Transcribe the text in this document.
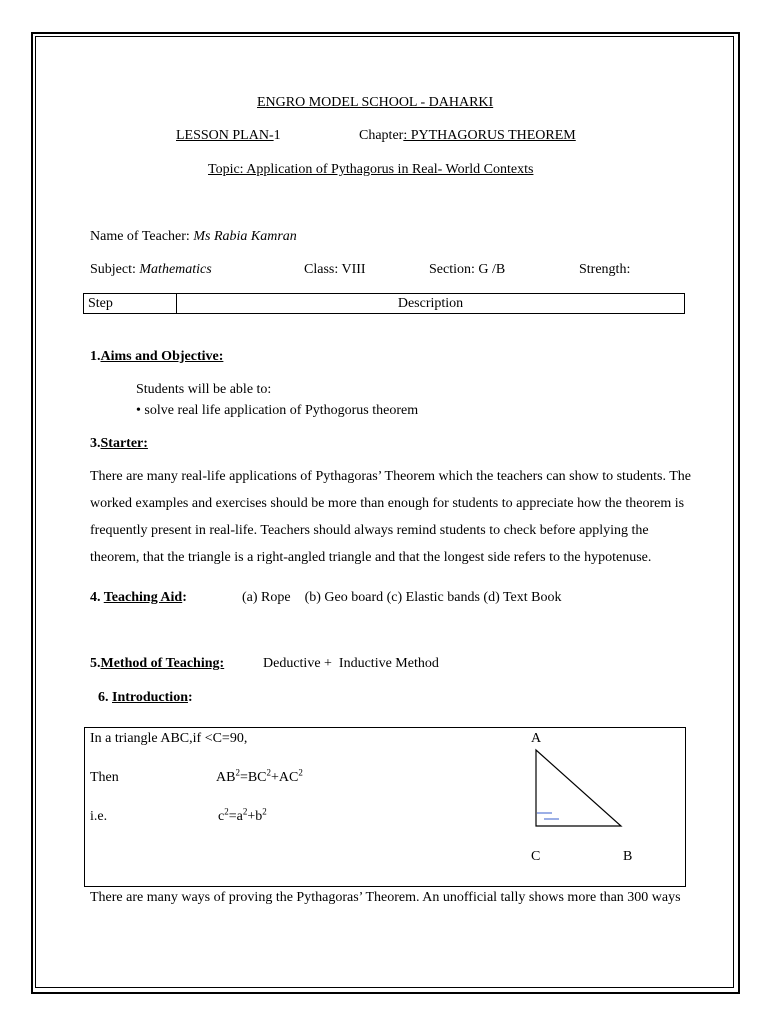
ENGRO MODEL SCHOOL - DAHARKI
LESSON PLAN-1	Chapter: PYTHAGORUS THEOREM
Topic: Application of Pythagorus in Real- World Contexts
Name of Teacher: Ms Rabia Kamran
Subject: Mathematics	Class: VIII	Section: G /B	Strength:
Step	Description
1.Aims and Objective:
Students will be able to:
• solve real life application of Pythogorus theorem
3.Starter:
There are many real-life applications of Pythagoras’ Theorem which the teachers can show to students. The
worked examples and exercises should be more than enough for students to appreciate how the theorem is
frequently present in real-life. Teachers should always remind students to check before applying the
theorem, that the triangle is a right-angled triangle and that the longest side refers to the hypotenuse.
4. Teaching Aid:	(a) Rope    (b) Geo board (c) Elastic bands (d) Text Book
5.Method of Teaching:	Deductive +  Inductive Method
6. Introduction:
In a triangle ABC,if <C=90,
Then	$AB^2=BC^2+AC^2$
i.e.	$c^2=a^2+b^2$
A
C	B
There are many ways of proving the Pythagoras’ Theorem. An unofficial tally shows more than 300 ways
